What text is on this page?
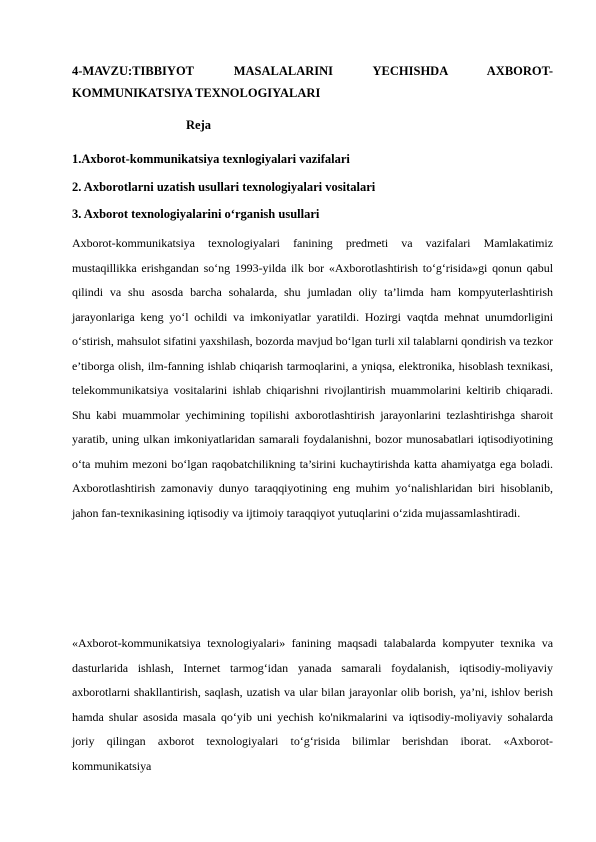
4-MAVZU:TIBBIYOT MASALALARINI YECHISHDA AXBOROT-KOMMUNIKATSIYA TEXNOLOGIYALARI
Reja
1.Axborot-kommunikatsiya texnlogiyalari vazifalari
2. Axborotlarni uzatish usullari texnologiyalari vositalari
3. Axborot texnologiyalarini oʻrganish usullari

Axborot-kommunikatsiya texnologiyalari fanining predmeti va vazifalari Mamlakatimiz mustaqillikka erishgandan soʻng 1993-yilda ilk bor «Axborotlashtirish toʻgʻrisida»gi qonun qabul qilindi va shu asosda barcha sohalarda, shu jumladan oliy ta’limda ham kompyuterlashtirish jarayonlariga keng yoʻl ochildi va imkoniyatlar yaratildi. Hozirgi vaqtda mehnat unumdorligini oʻstirish, mahsulot sifatini yaxshilash, bozorda mavjud boʻlgan turli xil talablarni qondirish va tezkor e’tiborga olish, ilm-fanning ishlab chiqarish tarmoqlarini, a yniqsa, elektronika, hisoblash texnikasi, telekommunikatsiya vositalarini ishlab chiqarishni rivojlantirish muammolarini keltirib chiqaradi. Shu kabi muammolar yechimining topilishi axborotlashtirish jarayonlarini tezlashtirishga sharoit yaratib, uning ulkan imkoniyatlaridan samarali foydalanishni, bozor munosabatlari iqtisodiyotining oʻta muhim mezoni boʻlgan raqobatchilikning ta’sirini kuchaytirishda katta ahamiyatga ega boladi. Axborotlashtirish zamonaviy dunyo taraqqiyotining eng muhim yoʻnalishlaridan biri hisoblanib, jahon fan-texnikasining iqtisodiy va ijtimoiy taraqqiyot yutuqlarini oʻzida mujassamlashtiradi.

«Axborot-kommunikatsiya texnologiyalari» fanining maqsadi talabalarda kompyuter texnika va dasturlarida ishlash, Internet tarmogʻidan yanada samarali foydalanish, iqtisodiy-moliyaviy axborotlarni shakllantirish, saqlash, uzatish va ular bilan jarayonlar olib borish, ya’ni, ishlov berish hamda shular asosida masala qoʻyib uni yechish ko'nikmalarini va iqtisodiy-moliyaviy sohalarda joriy qilingan axborot texnologiyalari toʻgʻrisida bilimlar berishdan iborat. «Axborot-kommunikatsiya
